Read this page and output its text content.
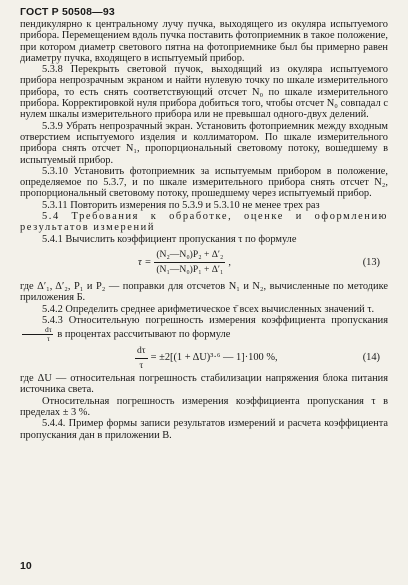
ГОСТ Р 50508—93

пендикулярно к центральному лучу пучка, выходящего из окуляра испытуемого прибора. Перемещением вдоль пучка поставить фотоприемник в такое положение, при котором диаметр светового пятна на фотоприемнике был бы примерно равен диаметру пучка, входящего в испытуемый прибор.

5.3.8 Перекрыть световой пучок, выходящий из окуляра испытуемого прибора непрозрачным экраном и найти нулевую точку по шкале измерительного прибора, то есть снять соответствующий отсчет N₀ по шкале измерительного прибора. Корректировкой нуля прибора добиться того, чтобы отсчет N₀ совпадал с нулем шкалы измерительного прибора или не превышал одного-двух делений.

5.3.9 Убрать непрозрачный экран. Установить фотоприемник между входным отверстием испытуемого изделия и коллиматором. По шкале измерительного прибора снять отсчет N₁, пропорциональный световому потоку, вошедшему в испытуемый прибор.

5.3.10 Установить фотоприемник за испытуемым прибором в положение, определяемое по 5.3.7, и по шкале измерительного прибора снять отсчет N₂, пропорциональный световому потоку, прошедшему через испытуемый прибор.

5.3.11 Повторить измерения по 5.3.9 и 5.3.10 не менее трех раз

5.4 Требования к обработке, оценке и оформлению результатов измерений

5.4.1 Вычислить коэффициент пропускания τ по формуле

$\tau = \frac{\text{(N₂—N₀)P₂ + Δ′₂}}{\text{(N₁—N₀)P₁ + Δ′₁}}$ ,	(13)

где Δ′₁, Δ′₂, P₁ и P₂ — поправки для отсчетов N₁ и N₂, вычисленные по методике приложения Б.

5.4.2 Определить среднее арифметическое τ̄ всех вычисленных значений τ.

5.4.3 Относительную погрешность измерения коэффициента пропускания
$\frac{d\tau}{\tau}$ в процентах рассчитывают по формуле

$\frac{d\tau}{\tau} = \pm 2[(1 + \Delta U)^3\cdot^6$ — 1]·100 %,	(14)

где ΔU — относительная погрешность стабилизации напряжения блока питания источника света.

Относительная погрешность измерения коэффициента пропускания τ в пределах ± 3 %.

5.4.4. Пример формы записи результатов измерений и расчета коэффициента пропускания дан в приложении В.

10
